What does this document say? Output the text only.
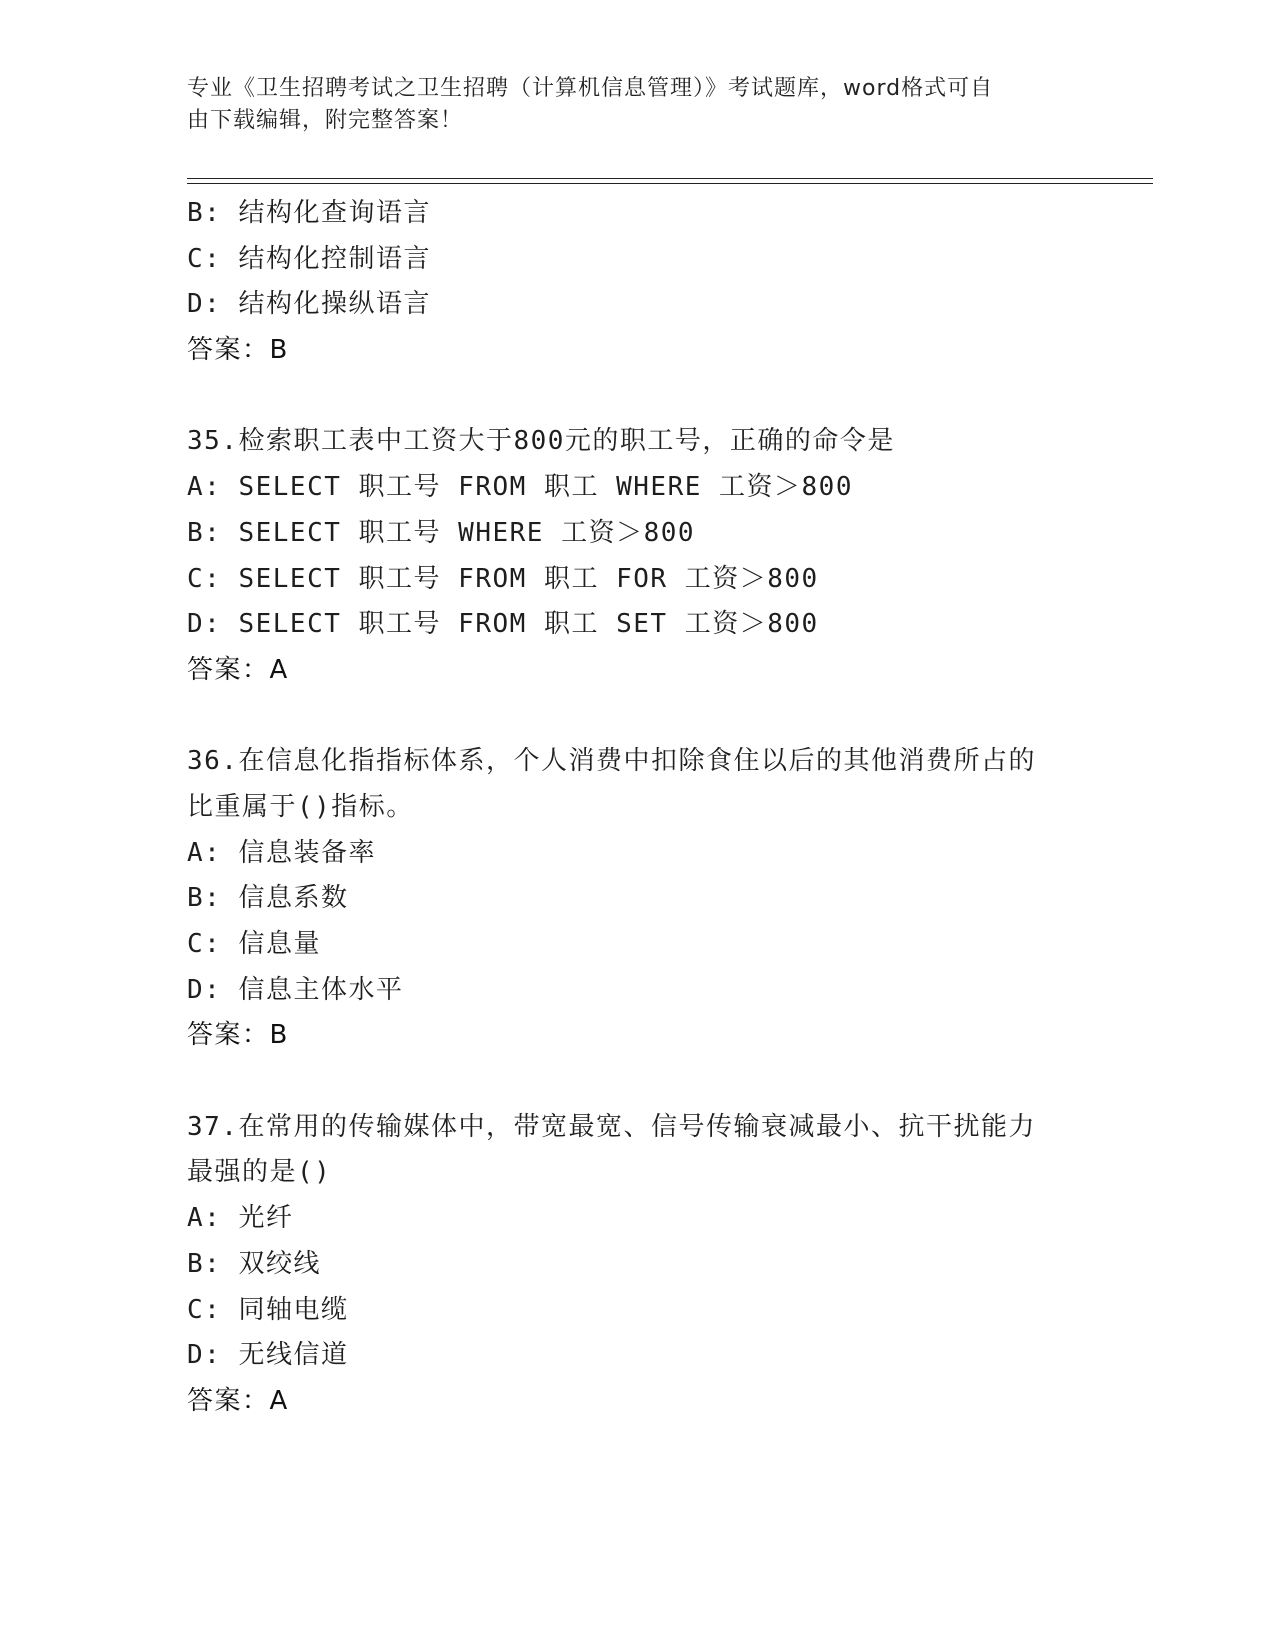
专业《卫生招聘考试之卫生招聘（计算机信息管理）》考试题库，word格式可自
由下载编辑，附完整答案！
B: 结构化查询语言
C: 结构化控制语言
D: 结构化操纵语言
答案：B
35.检索职工表中工资大于800元的职工号，正确的命令是
A: SELECT 职工号 FROM 职工 WHERE 工资＞800
B: SELECT 职工号 WHERE 工资＞800
C: SELECT 职工号 FROM 职工 FOR 工资＞800
D: SELECT 职工号 FROM 职工 SET 工资＞800
答案：A
36.在信息化指指标体系，个人消费中扣除食住以后的其他消费所占的
比重属于()指标。
A: 信息装备率
B: 信息系数
C: 信息量
D: 信息主体水平
答案：B
37.在常用的传输媒体中，带宽最宽、信号传输衰减最小、抗干扰能力
最强的是()
A: 光纤
B: 双绞线
C: 同轴电缆
D: 无线信道
答案：A
